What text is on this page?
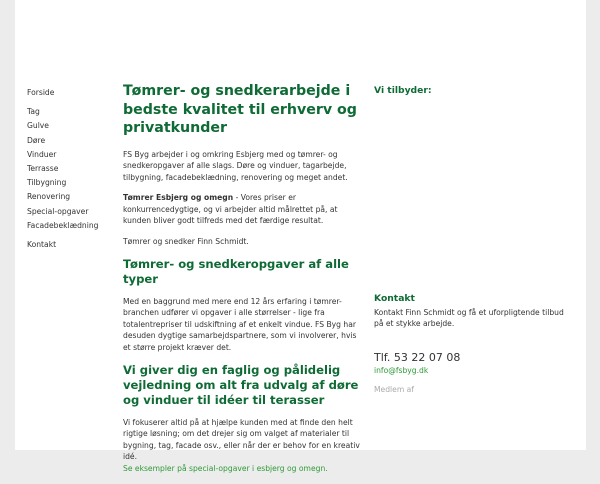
Forside
Tag
Gulve
Døre
Vinduer
Terrasse
Tilbygning
Renovering
Special-opgaver
Facadebeklædning
Kontakt
Tømrer- og snedkerarbejde i bedste kvalitet til erhverv og privatkunder

FS Byg arbejder i og omkring Esbjerg med og tømrer- og snedkeropgaver af alle slags. Døre og vinduer, tagarbejde, tilbygning, facadebeklædning, renovering og meget andet.

Tømrer Esbjerg og omegn - Vores priser er konkurrencedygtige, og vi arbejder altid målrettet på, at kunden bliver godt tilfreds med det færdige resultat.

Tømrer og snedker Finn Schmidt.

Tømrer- og snedkeropgaver af alle typer

Med en baggrund med mere end 12 års erfaring i tømrer-branchen udfører vi opgaver i alle størrelser - lige fra totalentrepriser til udskiftning af et enkelt vindue. FS Byg har desuden dygtige samarbejdspartnere, som vi involverer, hvis et større projekt kræver det.

Vi giver dig en faglig og pålidelig vejledning om alt fra udvalg af døre og vinduer til idéer til terasser

Vi fokuserer altid på at hjælpe kunden med at finde den helt rigtige løsning; om det drejer sig om valget af materialer til bygning, tag, facade osv., eller når der er behov for en kreativ idé.
Se eksempler på special-opgaver i esbjerg og omegn.

Vi tilbyder:
Kontakt
Kontakt Finn Schmidt og få et uforpligtende tilbud på et stykke arbejde.
Tlf. 53 22 07 08
info@fsbyg.dk
Medlem af
